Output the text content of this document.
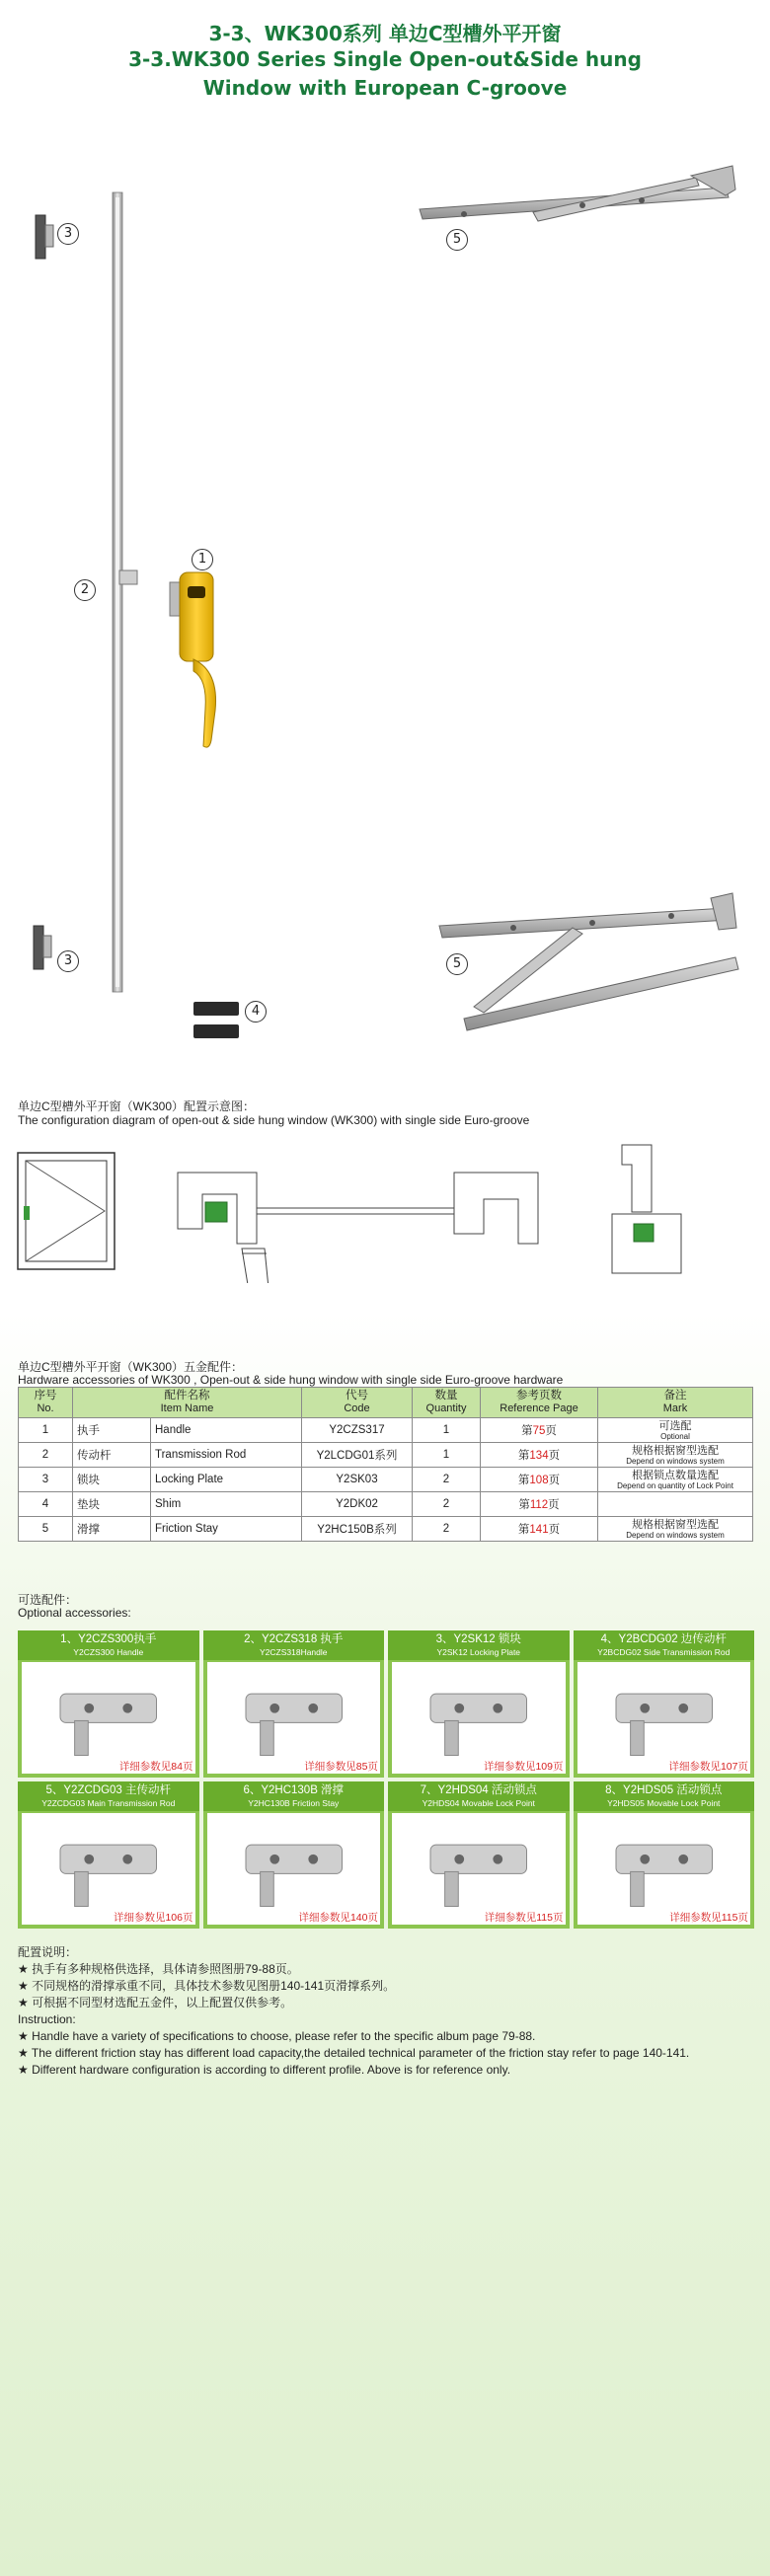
3-3、WK300系列 单边C型槽外平开窗
3-3.WK300 Series Single Open-out&Side hung
Window with European C-groove
3	5
1
2
3	5
4
单边C型槽外平开窗（WK300）配置示意图：
The configuration diagram of open-out & side hung window (WK300) with single side Euro-groove
单边C型槽外平开窗（WK300）五金配件：
Hardware accessories of WK300 , Open-out & side hung window with single side Euro-groove hardware
序号
No.	配件名称
Item Name		代号
Code	数量
Quantity	参考页数
Reference Page	备注
Mark

1	执手	Handle	Y2CZS317	1	第75页	可选配
Optional

2	传动杆	Transmission Rod	Y2LCDG01系列	1	第134页	规格根据窗型选配
Depend on windows system

3	锁块	Locking Plate	Y2SK03	2	第108页	根据锁点数量选配
Depend on quantity of Lock Point

4	垫块	Shim	Y2DK02	2	第112页	

5	滑撑	Friction Stay	Y2HC150B系列	2	第141页	规格根据窗型选配
Depend on windows system
可选配件：
Optional accessories:
1、Y2CZS300执手
Y2CZS300 Handle
详细参数见84页
2、Y2CZS318 执手
Y2CZS318Handle
详细参数见85页
3、Y2SK12 锁块
Y2SK12 Locking Plate
详细参数见109页
4、Y2BCDG02 边传动杆
Y2BCDG02 Side Transmission Rod
详细参数见107页
5、Y2ZCDG03 主传动杆
Y2ZCDG03 Main Transmission Rod
详细参数见106页
6、Y2HC130B 滑撑
Y2HC130B Friction Stay
详细参数见140页
7、Y2HDS04 活动锁点
Y2HDS04 Movable Lock Point
详细参数见115页
8、Y2HDS05 活动锁点
Y2HDS05 Movable Lock Point
详细参数见115页
配置说明：
★ 执手有多种规格供选择，具体请参照图册79-88页。
★ 不同规格的滑撑承重不同，具体技术参数见图册140-141页滑撑系列。
★ 可根据不同型材选配五金件，以上配置仅供参考。
Instruction:
★ Handle have a variety of specifications to choose, please refer to the specific album page 79-88.
★ The different friction stay has different load capacity,the detailed technical parameter of the friction stay refer to page 140-141.
★ Different hardware configuration is according to different profile. Above is for reference only.
